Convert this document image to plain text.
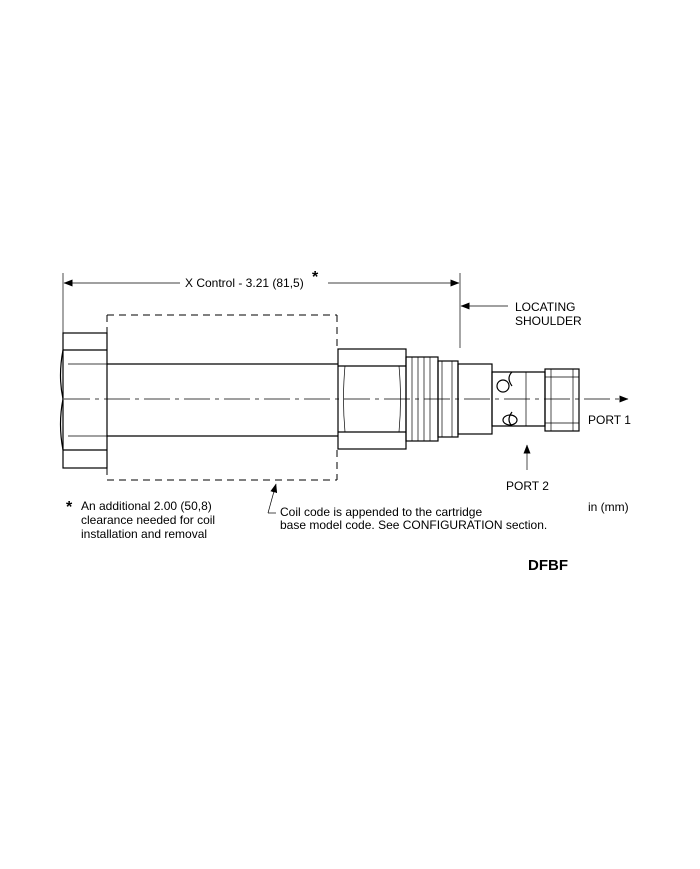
X Control - 3.21 (81,5) *
LOCATING
SHOULDER
PORT 1
PORT 2
* An additional 2.00 (50,8)
clearance needed for coil
installation and removal
Coil code is appended to the cartridge
base model code. See CONFIGURATION section.
in (mm)
DFBF
